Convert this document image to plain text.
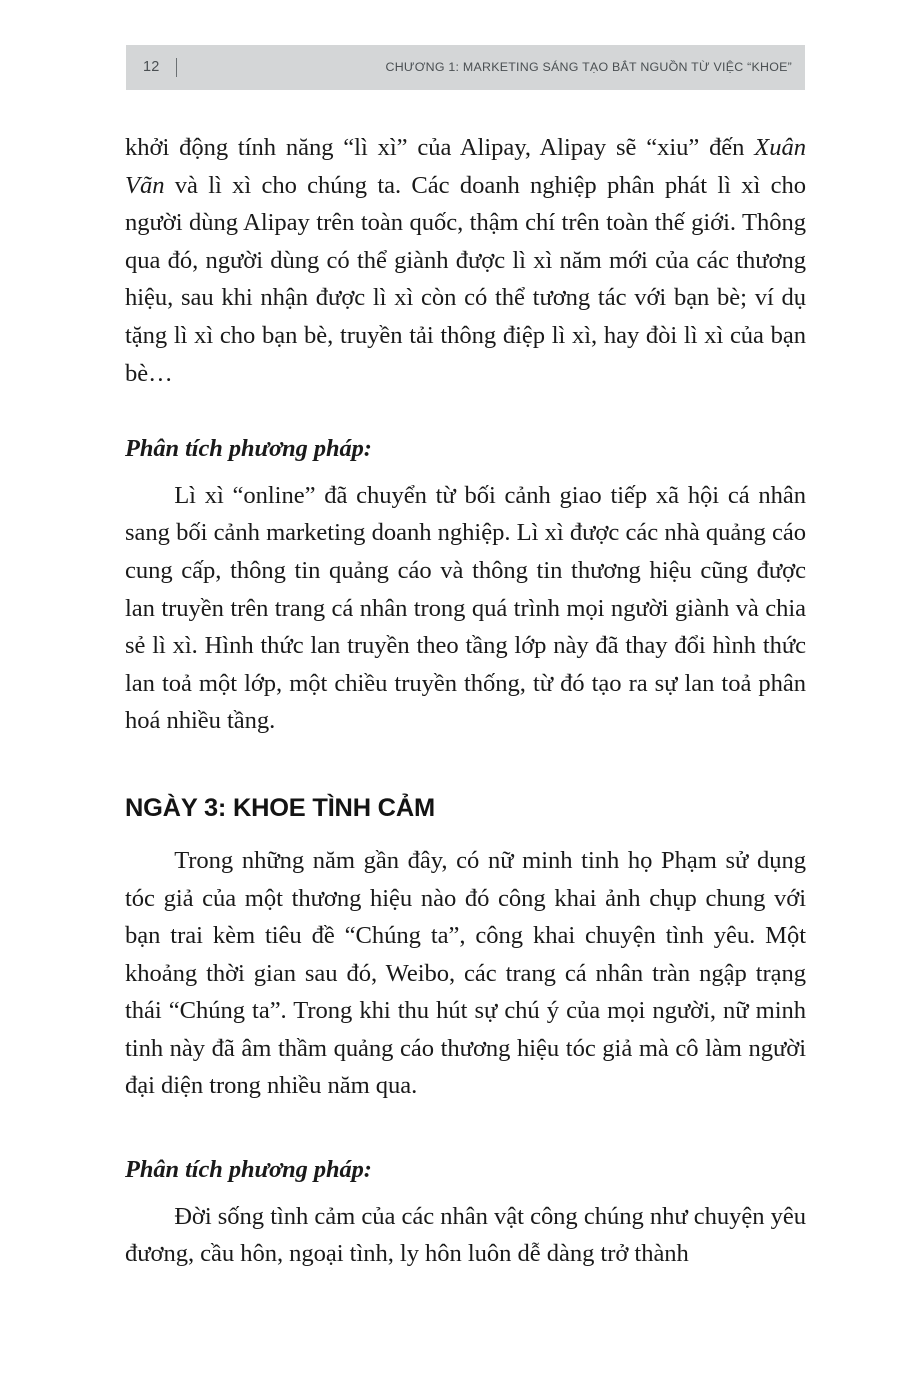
12	CHƯƠNG 1: MARKETING SÁNG TẠO BẮT NGUỒN TỪ VIỆC “KHOE”

khởi động tính năng “lì xì” của Alipay, Alipay sẽ “xiu” đến Xuân Vãn và lì xì cho chúng ta. Các doanh nghiệp phân phát lì xì cho người dùng Alipay trên toàn quốc, thậm chí trên toàn thế giới. Thông qua đó, người dùng có thể giành được lì xì năm mới của các thương hiệu, sau khi nhận được lì xì còn có thể tương tác với bạn bè; ví dụ tặng lì xì cho bạn bè, truyền tải thông điệp lì xì, hay đòi lì xì của bạn bè…

Phân tích phương pháp:

Lì xì “online” đã chuyển từ bối cảnh giao tiếp xã hội cá nhân sang bối cảnh marketing doanh nghiệp. Lì xì được các nhà quảng cáo cung cấp, thông tin quảng cáo và thông tin thương hiệu cũng được lan truyền trên trang cá nhân trong quá trình mọi người giành và chia sẻ lì xì. Hình thức lan truyền theo tầng lớp này đã thay đổi hình thức lan toả một lớp, một chiều truyền thống, từ đó tạo ra sự lan toả phân hoá nhiều tầng.

NGÀY 3: KHOE TÌNH CẢM

Trong những năm gần đây, có nữ minh tinh họ Phạm sử dụng tóc giả của một thương hiệu nào đó công khai ảnh chụp chung với bạn trai kèm tiêu đề “Chúng ta”, công khai chuyện tình yêu. Một khoảng thời gian sau đó, Weibo, các trang cá nhân tràn ngập trạng thái “Chúng ta”. Trong khi thu hút sự chú ý của mọi người, nữ minh tinh này đã âm thầm quảng cáo thương hiệu tóc giả mà cô làm người đại diện trong nhiều năm qua.

Phân tích phương pháp:

Đời sống tình cảm của các nhân vật công chúng như chuyện yêu đương, cầu hôn, ngoại tình, ly hôn luôn dễ dàng trở thành
